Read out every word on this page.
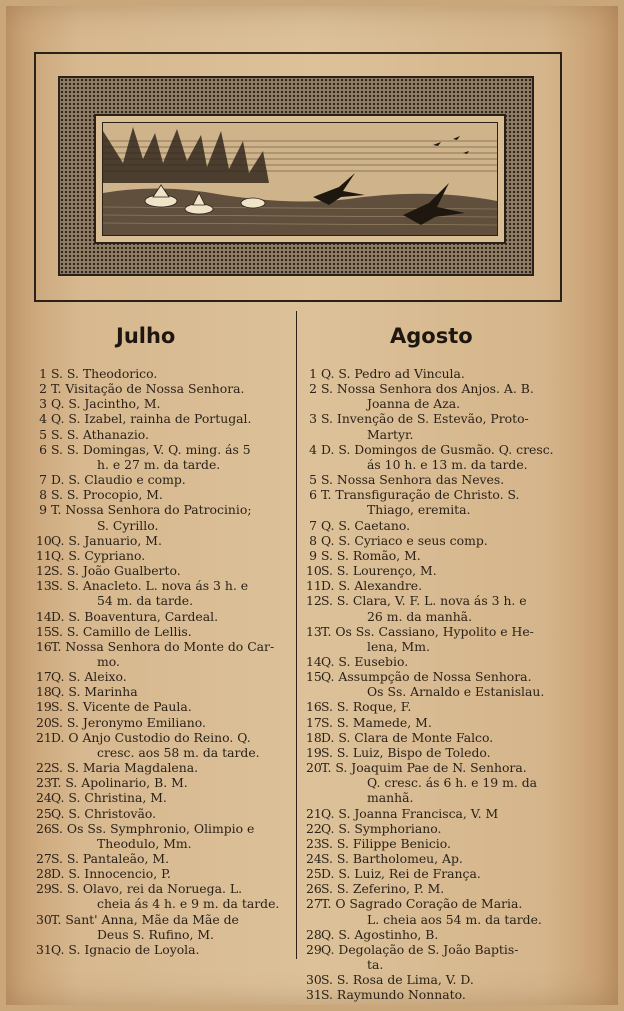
Julho	Agosto
1 S. S. Theodorico.
2 T. Visitação de Nossa Senhora.
3 Q. S. Jacintho, M.
4 Q. S. Izabel, rainha de Portugal.
5 S. S. Athanazio.
6 S. S. Domingas, V. Q. ming. ás 5
h. e 27 m. da tarde.
7 D. S. Claudio e comp.
8 S. S. Procopio, M.
9 T. Nossa Senhora do Patrocinio;
S. Cyrillo.
10 Q. S. Januario, M.
11 Q. S. Cypriano.
12 S. S. João Gualberto.
13 S. S. Anacleto. L. nova ás 3 h. e
54 m. da tarde.
14 D. S. Boaventura, Cardeal.
15 S. S. Camillo de Lellis.
16 T. Nossa Senhora do Monte do Car-
mo.
17 Q. S. Aleixo.
18 Q. S. Marinha
19 S. S. Vicente de Paula.
20 S. S. Jeronymo Emiliano.
21 D. O Anjo Custodio do Reino. Q.
cresc. aos 58 m. da tarde.
22 S. S. Maria Magdalena.
23 T. S. Apolinario, B. M.
24 Q. S. Christina, M.
25 Q. S. Christovão.
26 S. Os Ss. Symphronio, Olimpio e
Theodulo, Mm.
27 S. S. Pantaleão, M.
28 D. S. Innocencio, P.
29 S. S. Olavo, rei da Noruega. L.
cheia ás 4 h. e 9 m. da tarde.
30 T. Sant' Anna, Mãe da Mãe de
Deus S. Rufino, M.
31 Q. S. Ignacio de Loyola.
1 Q. S. Pedro ad Vincula.
2 S. Nossa Senhora dos Anjos. A. B.
Joanna de Aza.
3 S. Invenção de S. Estevão, Proto-
Martyr.
4 D. S. Domingos de Gusmão. Q. cresc.
ás 10 h. e 13 m. da tarde.
5 S. Nossa Senhora das Neves.
6 T. Transfiguração de Christo. S.
Thiago, eremita.
7 Q. S. Caetano.
8 Q. S. Cyriaco e seus comp.
9 S. S. Romão, M.
10 S. S. Lourenço, M.
11 D. S. Alexandre.
12 S. S. Clara, V. F. L. nova ás 3 h. e
26 m. da manhã.
13 T. Os Ss. Cassiano, Hypolito e He-
lena, Mm.
14 Q. S. Eusebio.
15 Q. Assumpção de Nossa Senhora.
Os Ss. Arnaldo e Estanislau.
16 S. S. Roque, F.
17 S. S. Mamede, M.
18 D. S. Clara de Monte Falco.
19 S. S. Luiz, Bispo de Toledo.
20 T. S. Joaquim Pae de N. Senhora.
Q. cresc. ás 6 h. e 19 m. da manhã.
21 Q. S. Joanna Francisca, V. M
22 Q. S. Symphoriano.
23 S. S. Filippe Benicio.
24 S. S. Bartholomeu, Ap.
25 D. S. Luiz, Rei de França.
26 S. S. Zeferino, P. M.
27 T. O Sagrado Coração de Maria.
L. cheia aos 54 m. da tarde.
28 Q. S. Agostinho, B.
29 Q. Degolação de S. João Baptis-
ta.
30 S. S. Rosa de Lima, V. D.
31 S. Raymundo Nonnato.
